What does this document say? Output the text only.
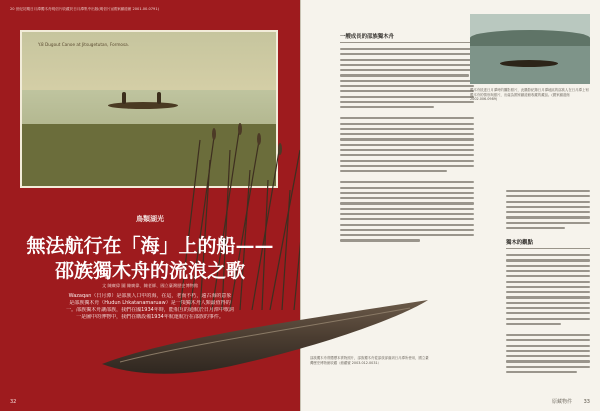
20 世紀初期日月潭獨木舟明信片收藏於日月潭集中出版(明信片)(國家鐵道館 2001.00.0791)
Y.8 Dugout Canoe at Jitsugetutan, Formosa.
鳥類湖光
無法航行在「海」上的船——
邵族獨木舟的流浪之歌
文 陳廣偉 圖 陳廣偉、陳老師、國立臺灣歷史博物館
Wazaqan（日月潭）是邵族人口中的海，在這，老而不朽，遠古海的意象
是邵族獨木舟（Hudun Lhkatanamaruaw）是一項獨木舟人類最值得的
一。邵族獨木舟讓邵族，我們在國1934年時，能相互的通航於日月潭中歌詞
一是圖中的博物中，我們在購設備1934年航運航行在邵族的事件。
32
一艘成長的邵族獨木舟
獨木的觀點
原藏物件 33
獨木舟抵達日月潭時的攝影照片，此攝影紀錄日月潭地區的邵族人在日月潭上划獨木舟的情形與照片，出處為國家鐵道館收藏的藏品。(國家鐵道館 2002.006.0989)
邵族獨木舟實體標本實物照片，邵族獨木舟從邵族部落到日月潭所使用，國立臺灣歷史博物館收藏（館藏號 2003.012.0031）
